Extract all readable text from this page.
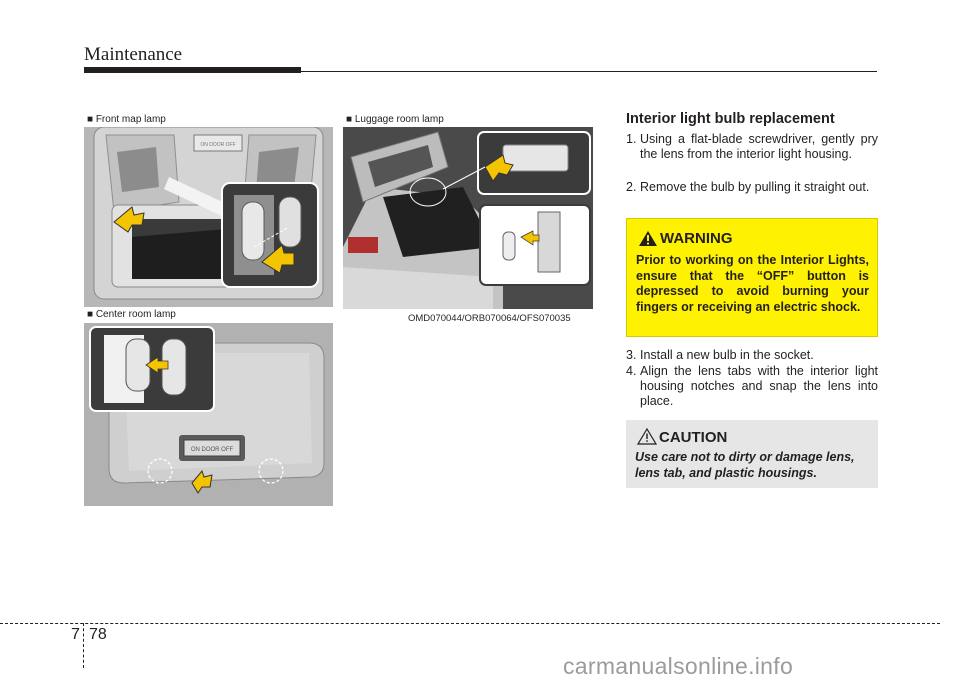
Maintenance
■ Front map lamp	■ Luggage room lamp
■ Center room lamp
ON DOOR OFF
OMD070044/ORB070064/OFS070035
ON DOOR OFF
Interior light bulb replacement
1. Using a flat-blade screwdriver, gently pry the lens from the interior light housing.
2. Remove the bulb by pulling it straight out.
WARNING
Prior to working on the Interior Lights, ensure that the “OFF” button is depressed to avoid burning your fingers or receiving an electric shock.
3. Install a new bulb in the socket.
4. Align the lens tabs with the interior light housing notches and snap the lens into place.
CAUTION
Use care not to dirty or damage lens, lens tab, and plastic housings.
7 78
carmanualsonline.info
